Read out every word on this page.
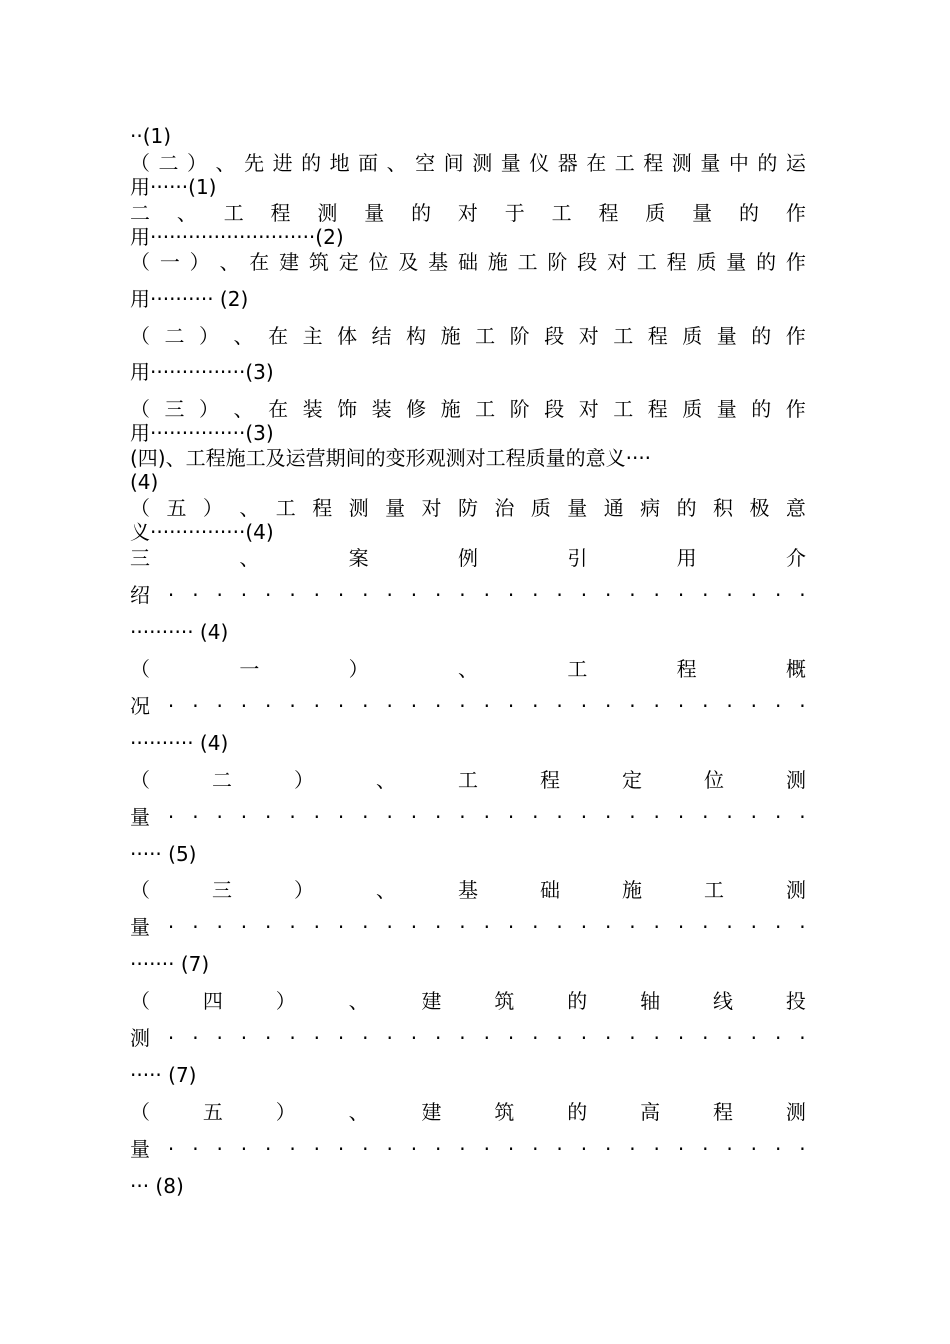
··(1)
（ 二 ） 、 先 进 的 地 面 、 空 间 测 量 仪 器 在 工 程 测 量 中 的 运
用······(1)
二 、 工 程 测 量 的 对 于 工 程 质 量 的 作
用··························(2)
（ 一 ） 、 在 建 筑 定 位 及 基 础 施 工 阶 段 对 工 程 质 量 的 作
用·········· (2)
（ 二 ） 、 在 主 体 结 构 施 工 阶 段 对 工 程 质 量 的 作
用···············(3)
（ 三 ） 、 在 装 饰 装 修 施 工 阶 段 对 工 程 质 量 的 作
用···············(3)
(四)、工程施工及运营期间的变形观测对工程质量的意义····
(4)
（ 五 ） 、 工 程 测 量 对 防 治 质 量 通 病 的 积 极 意
义···············(4)
三	、	案	例	引	用	介
绍 · · · · · · · · · · · · · · · · · · · · · · · · · · ·
·········· (4)
（	一	）	、	工	程	概
况 · · · · · · · · · · · · · · · · · · · · · · · · · · ·
·········· (4)
（	二	）	、	工	程	定	位	测
量 · · · · · · · · · · · · · · · · · · · · · · · · · · ·
····· (5)
（	三	）	、	基	础	施	工	测
量 · · · · · · · · · · · · · · · · · · · · · · · · · · ·
······· (7)
（	四	）	、	建	筑	的	轴	线	投
测 · · · · · · · · · · · · · · · · · · · · · · · · · · ·
····· (7)
（	五	）	、	建	筑	的	高	程	测
量 · · · · · · · · · · · · · · · · · · · · · · · · · · ·
··· (8)
